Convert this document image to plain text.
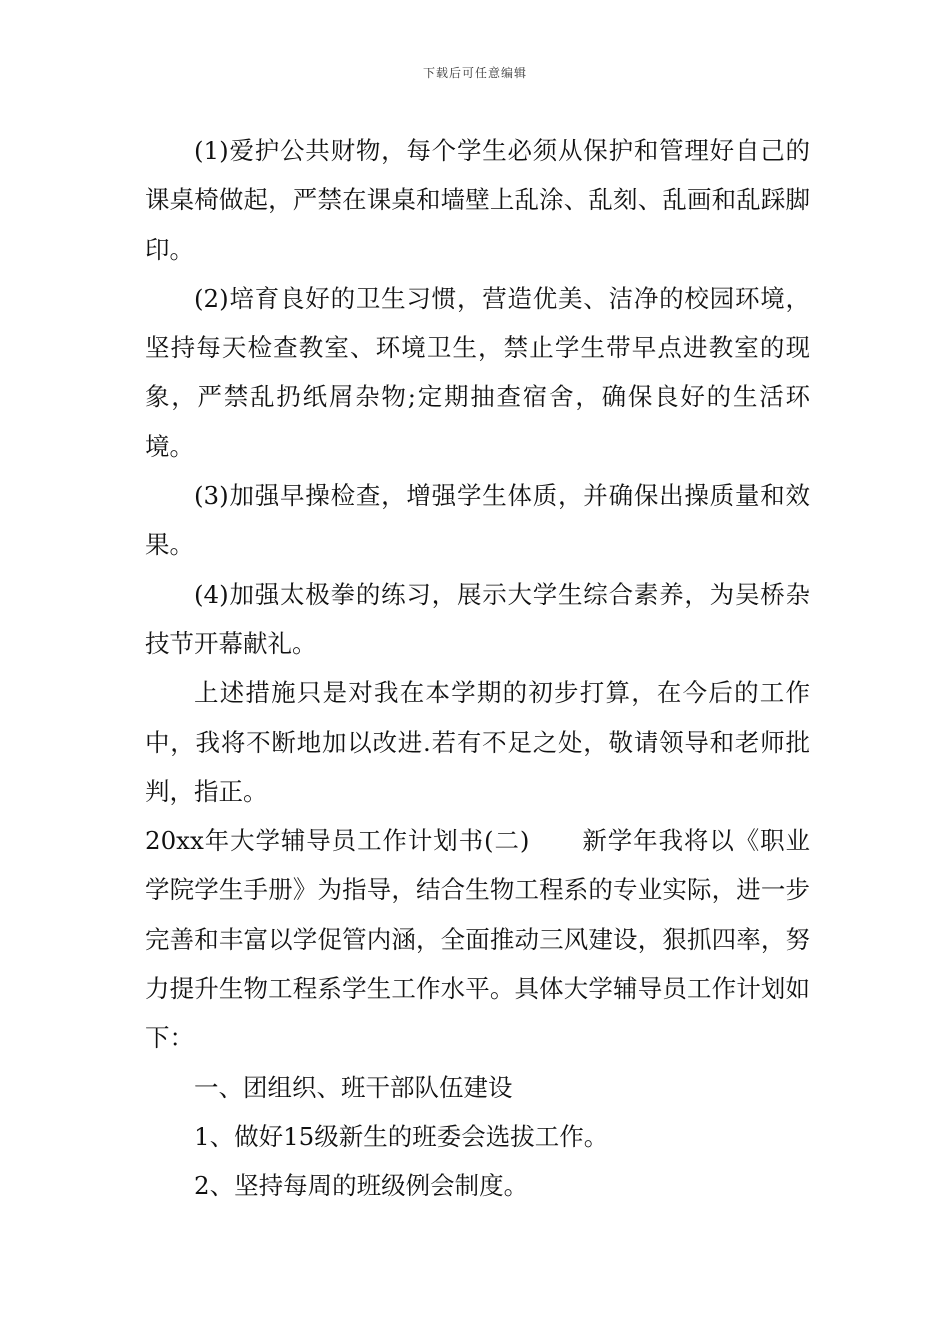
下载后可任意编辑

(1)爱护公共财物，每个学生必须从保护和管理好自己的课桌椅做起，严禁在课桌和墙壁上乱涂、乱刻、乱画和乱踩脚印。

(2)培育良好的卫生习惯，营造优美、洁净的校园环境，坚持每天检查教室、环境卫生，禁止学生带早点进教室的现象，严禁乱扔纸屑杂物;定期抽查宿舍，确保良好的生活环境。

(3)加强早操检查，增强学生体质，并确保出操质量和效果。

(4)加强太极拳的练习，展示大学生综合素养，为吴桥杂技节开幕献礼。

上述措施只是对我在本学期的初步打算，在今后的工作中，我将不断地加以改进.若有不足之处，敬请领导和老师批判，指正。

20xx年大学辅导员工作计划书(二) 新学年我将以《职业学院学生手册》为指导，结合生物工程系的专业实际，进一步完善和丰富以学促管内涵，全面推动三风建设，狠抓四率，努力提升生物工程系学生工作水平。具体大学辅导员工作计划如下：

一、团组织、班干部队伍建设

1、做好15级新生的班委会选拔工作。

2、坚持每周的班级例会制度。
